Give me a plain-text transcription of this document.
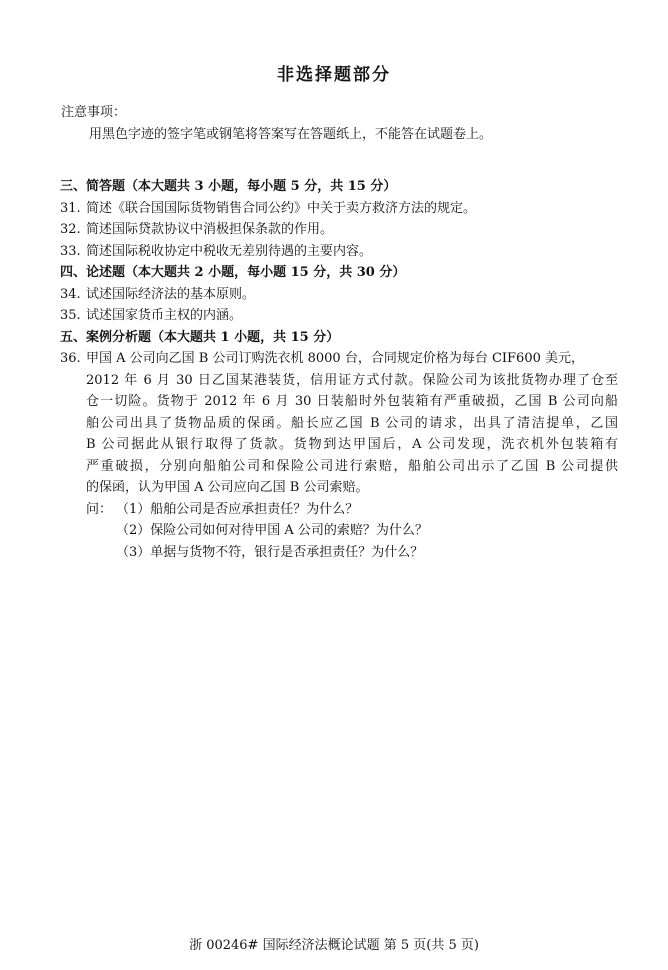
非选择题部分
注意事项：
用黑色字迹的签字笔或钢笔将答案写在答题纸上，不能答在试题卷上。
三、简答题（本大题共 3 小题，每小题 5 分，共 15 分）
31. 简述《联合国国际货物销售合同公约》中关于卖方救济方法的规定。
32. 简述国际贷款协议中消极担保条款的作用。
33. 简述国际税收协定中税收无差别待遇的主要内容。
四、论述题（本大题共 2 小题，每小题 15 分，共 30 分）
34. 试述国际经济法的基本原则。
35. 试述国家货币主权的内涵。
五、案例分析题（本大题共 1 小题，共 15 分）
36. 甲国 A 公司向乙国 B 公司订购洗衣机 8000 台，合同规定价格为每台 CIF600 美元，
2012 年 6 月 30 日乙国某港装货，信用证方式付款。保险公司为该批货物办理了仓至
仓一切险。货物于 2012 年 6 月 30 日装船时外包装箱有严重破损，乙国 B 公司向船
舶公司出具了货物品质的保函。船长应乙国 B 公司的请求，出具了清洁提单，乙国
B 公司据此从银行取得了货款。货物到达甲国后，A 公司发现，洗衣机外包装箱有
严重破损，分别向船舶公司和保险公司进行索赔，船舶公司出示了乙国 B 公司提供
的保函，认为甲国 A 公司应向乙国 B 公司索赔。
问： （1）船舶公司是否应承担责任？为什么？
（2）保险公司如何对待甲国 A 公司的索赔？为什么？
（3）单据与货物不符，银行是否承担责任？为什么？
浙 00246# 国际经济法概论试题 第 5 页(共 5 页)
